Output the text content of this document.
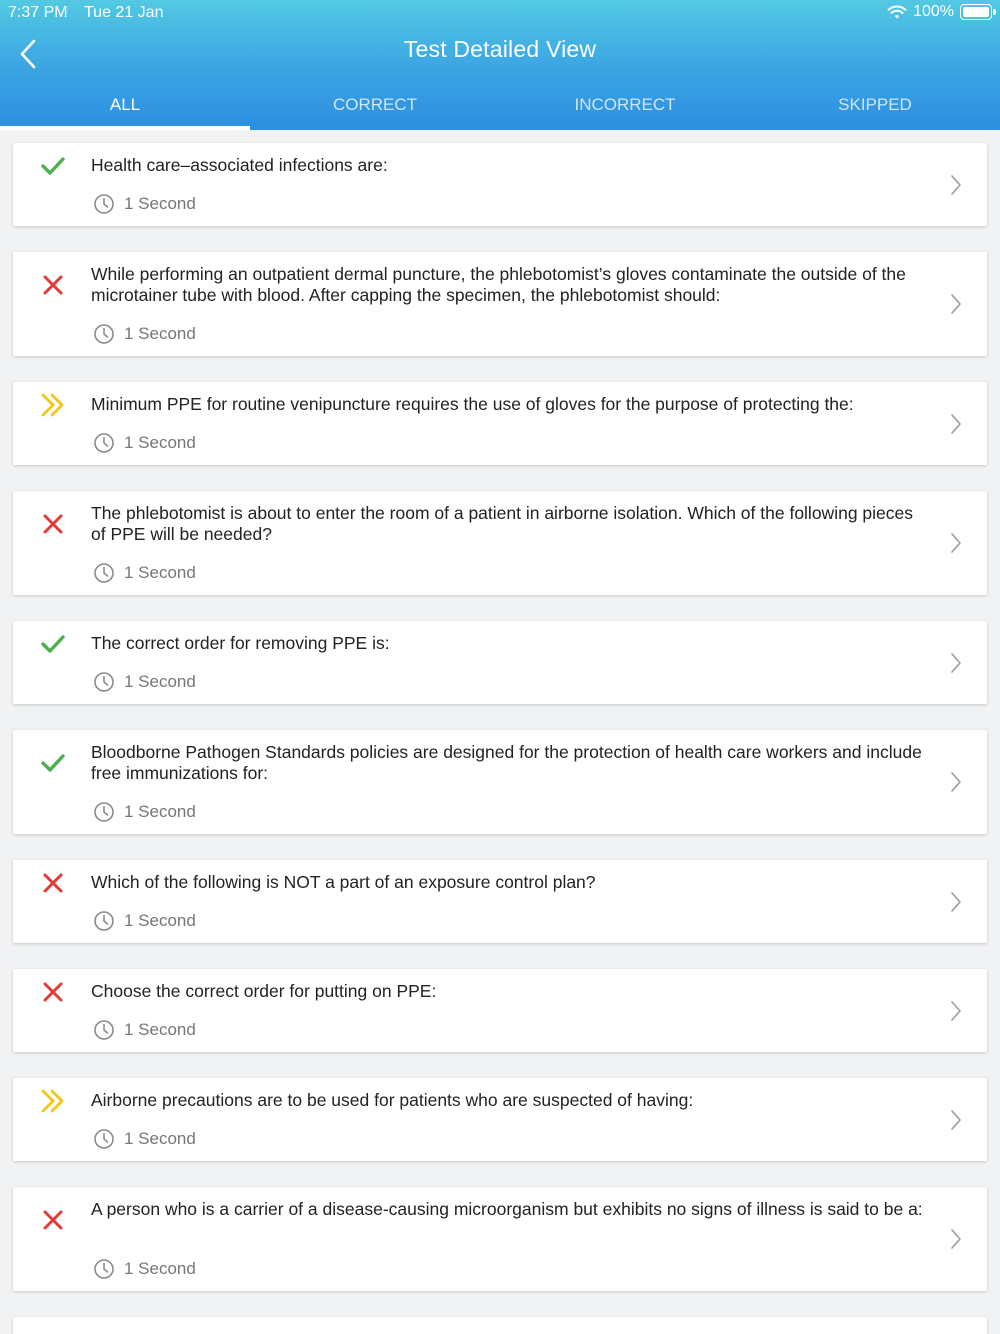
7:37 PM Tue 21 Jan	100%
Test Detailed View
ALL	CORRECT	INCORRECT	SKIPPED
Health care–associated infections are:
1 Second
While performing an outpatient dermal puncture, the phlebotomist’s gloves contaminate the outside of the microtainer tube with blood. After capping the specimen, the phlebotomist should:
1 Second
Minimum PPE for routine venipuncture requires the use of gloves for the purpose of protecting the:
1 Second
The phlebotomist is about to enter the room of a patient in airborne isolation. Which of the following pieces of PPE will be needed?
1 Second
The correct order for removing PPE is:
1 Second
Bloodborne Pathogen Standards policies are designed for the protection of health care workers and include free immunizations for:
1 Second
Which of the following is NOT a part of an exposure control plan?
1 Second
Choose the correct order for putting on PPE:
1 Second
Airborne precautions are to be used for patients who are suspected of having:
1 Second
A person who is a carrier of a disease-causing microorganism but exhibits no signs of illness is said to be a:
1 Second
